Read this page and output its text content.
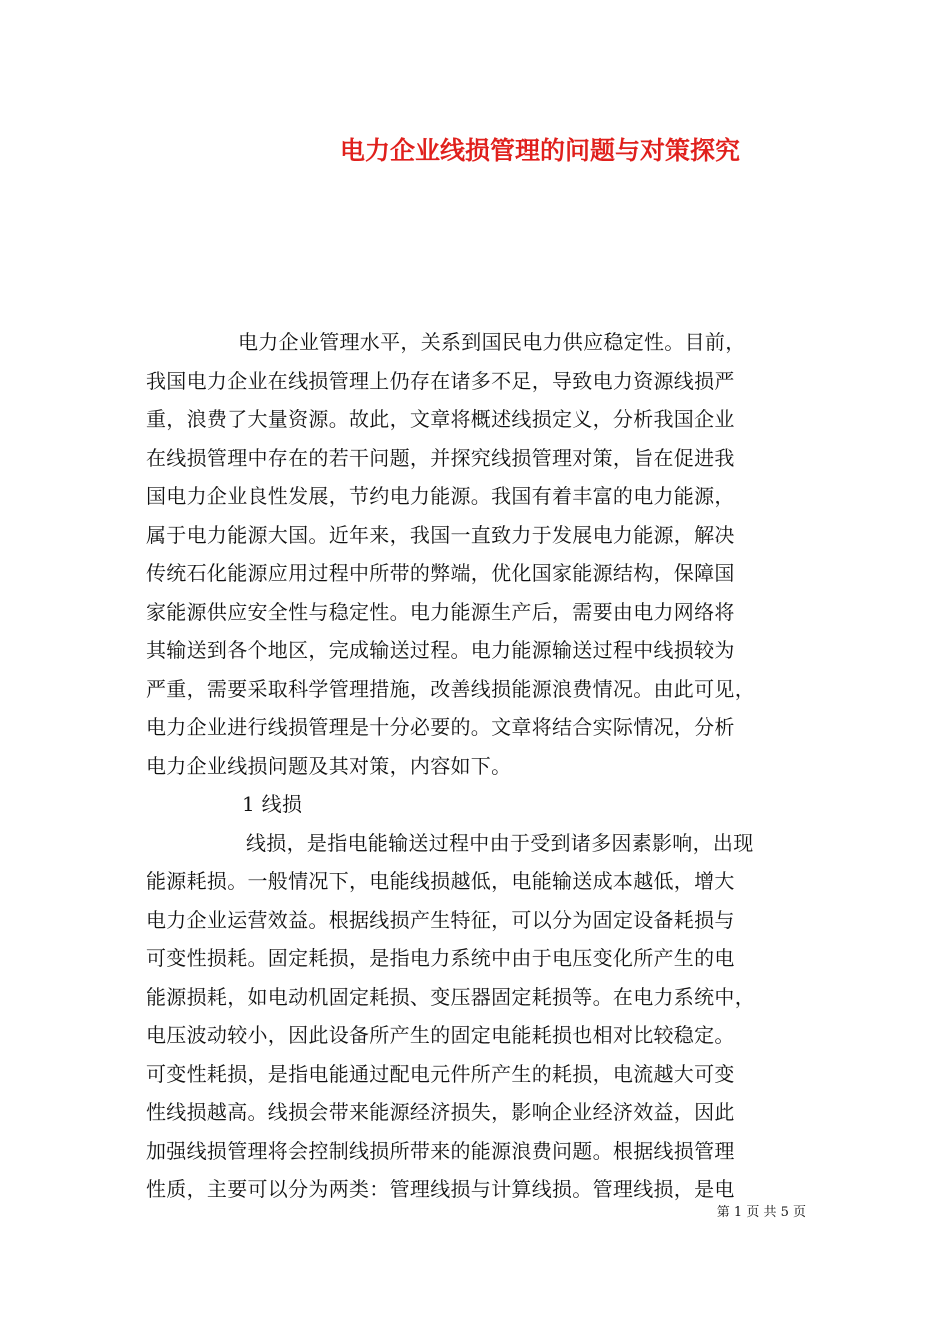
电力企业线损管理的问题与对策探究

电力企业管理水平，关系到国民电力供应稳定性。目前，

我国电力企业在线损管理上仍存在诸多不足，导致电力资源线损严

重，浪费了大量资源。故此，文章将概述线损定义，分析我国企业

在线损管理中存在的若干问题，并探究线损管理对策，旨在促进我

国电力企业良性发展，节约电力能源。我国有着丰富的电力能源，

属于电力能源大国。近年来，我国一直致力于发展电力能源，解决

传统石化能源应用过程中所带的弊端，优化国家能源结构，保障国

家能源供应安全性与稳定性。电力能源生产后，需要由电力网络将

其输送到各个地区，完成输送过程。电力能源输送过程中线损较为

严重，需要采取科学管理措施，改善线损能源浪费情况。由此可见，

电力企业进行线损管理是十分必要的。文章将结合实际情况，分析

电力企业线损问题及其对策，内容如下。

1 线损

线损，是指电能输送过程中由于受到诸多因素影响，出现

能源耗损。一般情况下，电能线损越低，电能输送成本越低，增大

电力企业运营效益。根据线损产生特征，可以分为固定设备耗损与

可变性损耗。固定耗损，是指电力系统中由于电压变化所产生的电

能源损耗，如电动机固定耗损、变压器固定耗损等。在电力系统中，

电压波动较小，因此设备所产生的固定电能耗损也相对比较稳定。

可变性耗损，是指电能通过配电元件所产生的耗损，电流越大可变

性线损越高。线损会带来能源经济损失，影响企业经济效益，因此

加强线损管理将会控制线损所带来的能源浪费问题。根据线损管理

性质，主要可以分为两类：管理线损与计算线损。管理线损，是电

第 1 页 共 5 页
